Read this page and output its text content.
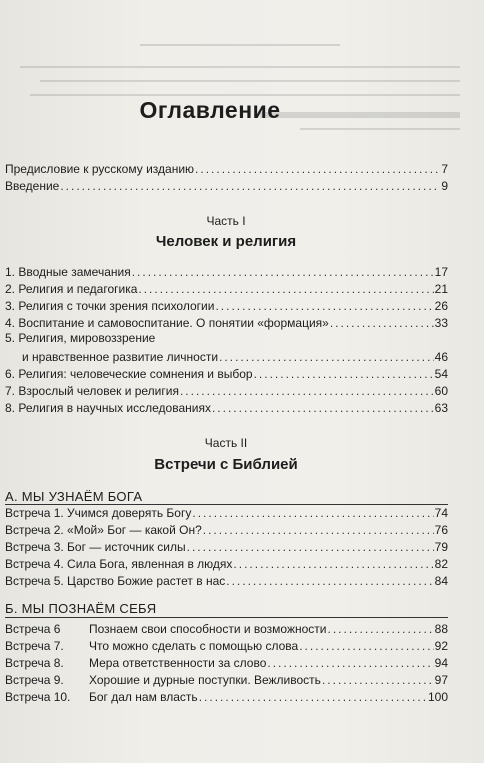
Оглавление
Предисловие к русскому изданию .....	7
Введение .....	9
Часть I
Человек и религия
1. Вводные замечания .....	17
2. Религия и педагогика .....	21
3. Религия с точки зрения психологии .....	26
4. Воспитание и самовоспитание. О понятии «формация» .....	33
5. Религия, мировоззрение
и нравственное развитие личности .....	46
6. Религия: человеческие сомнения и выбор .....	54
7. Взрослый человек и религия .....	60
8. Религия в научных исследованиях .....	63
Часть II
Встречи с Библией
А. МЫ УЗНАЁМ БОГА
Встреча 1. Учимся доверять Богу .....	74
Встреча 2. «Мой» Бог — какой Он? .....	76
Встреча 3. Бог — источник силы .....	79
Встреча 4. Сила Бога, явленная в людях .....	82
Встреча 5. Царство Божие растет в нас .....	84
Б. МЫ ПОЗНАЁМ СЕБЯ
Встреча 6 Познаем свои способности и возможности .....	88
Встреча 7. Что можно сделать с помощью слова .....	92
Встреча 8. Мера ответственности за слово .....	94
Встреча 9. Хорошие и дурные поступки. Вежливость .....	97
Встреча 10. Бог дал нам власть .....	100
